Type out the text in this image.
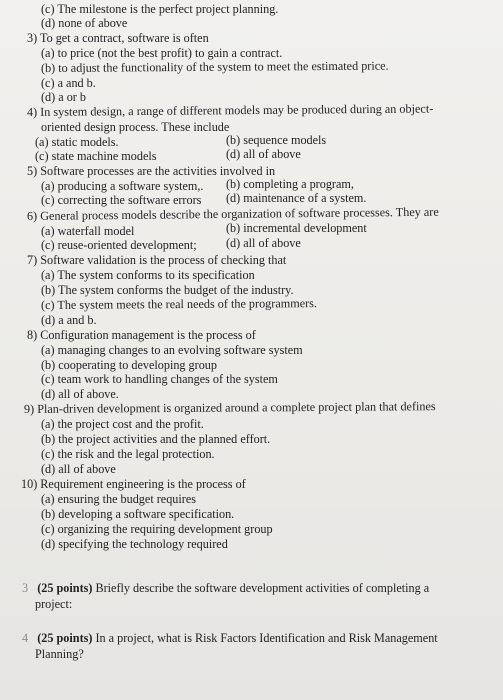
(c) The milestone is the perfect project planning.
(d) none of above
3) To get a contract, software is often
(a) to price (not the best profit) to gain a contract.
(b) to adjust the functionality of the system to meet the estimated price.
(c) a and b.
(d) a or b
4) In system design, a range of different models may be produced during an object-
oriented design process. These include
(a) static models.	(b) sequence models
(c) state machine models	(d) all of above
5) Software processes are the activities involved in
(a) producing a software system,. (b) completing a program,
(c) correcting the software errors (d) maintenance of a system.
6) General process models describe the organization of software processes. They are
(a) waterfall model	(b) incremental development
(c) reuse-oriented development; (d) all of above
7) Software validation is the process of checking that
(a) The system conforms to its specification
(b) The system conforms the budget of the industry.
(c) The system meets the real needs of the programmers.
(d) a and b.
8) Configuration management is the process of
(a) managing changes to an evolving software system
(b) cooperating to developing group
(c) team work to handling changes of the system
(d) all of above.
9) Plan-driven development is organized around a complete project plan that defines
(a) the project cost and the profit.
(b) the project activities and the planned effort.
(c) the risk and the legal protection.
(d) all of above
10) Requirement engineering is the process of
(a) ensuring the budget requires
(b) developing a software specification.
(c) organizing the requiring development group
(d) specifying the technology required
3 (25 points) Briefly describe the software development activities of completing a
project:
4 (25 points) In a project, what is Risk Factors Identification and Risk Management
Planning?
